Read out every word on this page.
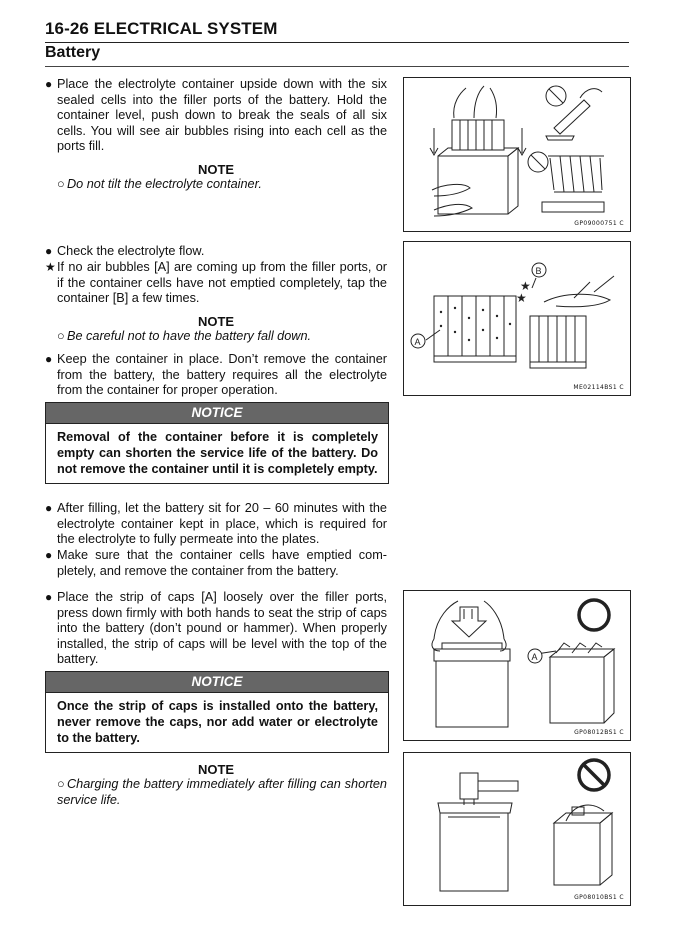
16-26 ELECTRICAL SYSTEM
Battery
● Place the electrolyte container upside down with the six sealed cells into the filler ports of the battery. Hold the container level, push down to break the seals of all six cells. You will see air bubbles rising into each cell as the ports fill.
NOTE
○ Do not tilt the electrolyte container.
● Check the electrolyte flow.
★ If no air bubbles [A] are coming up from the filler ports, or if the container cells have not emptied completely, tap the container [B] a few times.
NOTE
○ Be careful not to have the battery fall down.
● Keep the container in place. Don’t remove the container from the battery, the battery requires all the electrolyte from the container for proper operation.
NOTICE
Removal of the container before it is completely empty can shorten the service life of the battery. Do not remove the container until it is completely empty.
● After filling, let the battery sit for 20 – 60 minutes with the electrolyte container kept in place, which is required for the electrolyte to fully permeate into the plates.
● Make sure that the container cells have emptied com-pletely, and remove the container from the battery.
● Place the strip of caps [A] loosely over the filler ports, press down firmly with both hands to seat the strip of caps into the battery (don’t pound or hammer). When properly installed, the strip of caps will be level with the top of the battery.
NOTICE
Once the strip of caps is installed onto the battery, never remove the caps, nor add water or electrolyte to the battery.
NOTE
○ Charging the battery immediately after filling can shorten service life.
GP09000751 C
★
★
A
B
ME02114BS1 C
A
GP08012BS1 C
GP08010BS1 C
